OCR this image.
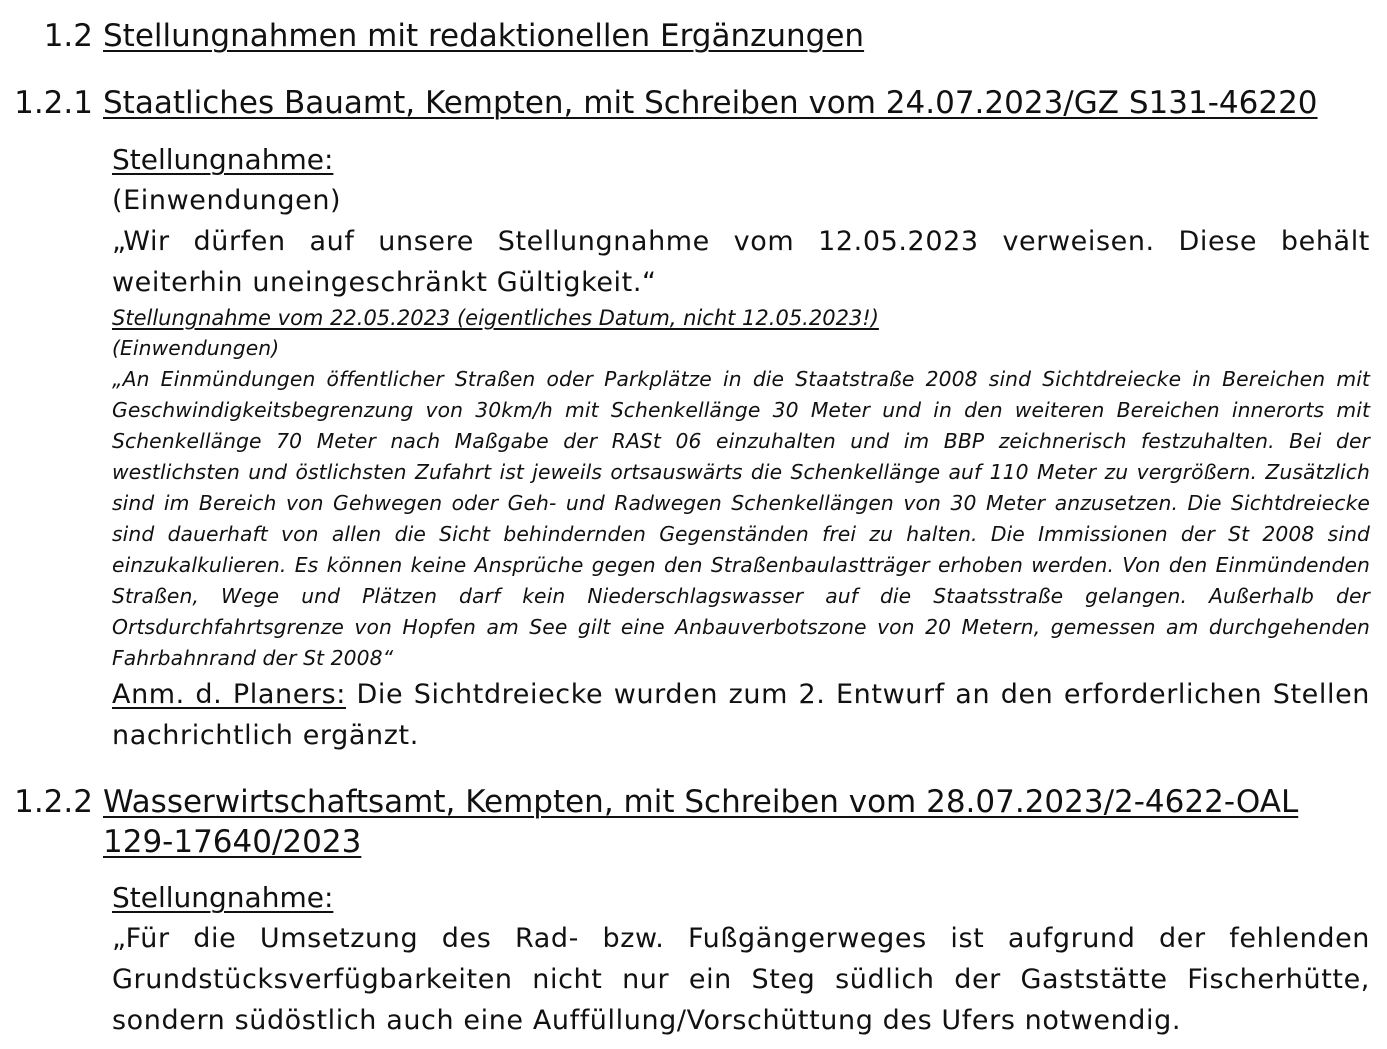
1.2 Stellungnahmen mit redaktionellen Ergänzungen
1.2.1 Staatliches Bauamt, Kempten, mit Schreiben vom 24.07.2023/GZ S131-46220
Stellungnahme:
(Einwendungen)
„Wir dürfen auf unsere Stellungnahme vom 12.05.2023 verweisen. Diese behält weiterhin uneingeschränkt Gültigkeit.“
Stellungnahme vom 22.05.2023 (eigentliches Datum, nicht 12.05.2023!)
(Einwendungen)
„An Einmündungen öffentlicher Straßen oder Parkplätze in die Staatstraße 2008 sind Sichtdreiecke in Bereichen mit Geschwindigkeitsbegrenzung von 30km/h mit Schenkellänge 30 Meter und in den weiteren Bereichen innerorts mit Schenkellänge 70 Meter nach Maßgabe der RASt 06 einzuhalten und im BBP zeichnerisch festzuhalten. Bei der westlichsten und östlichsten Zufahrt ist jeweils ortsauswärts die Schenkellänge auf 110 Meter zu vergrößern. Zusätzlich sind im Bereich von Gehwegen oder Geh- und Radwegen Schenkellängen von 30 Meter anzusetzen. Die Sichtdreiecke sind dauerhaft von allen die Sicht behindernden Gegenständen frei zu halten. Die Immissionen der St 2008 sind einzukalkulieren. Es können keine Ansprüche gegen den Straßenbaulastträger erhoben werden. Von den Einmündenden Straßen, Wege und Plätzen darf kein Niederschlagswasser auf die Staatsstraße gelangen. Außerhalb der Ortsdurchfahrtsgrenze von Hopfen am See gilt eine Anbauverbotszone von 20 Metern, gemessen am durchgehenden Fahrbahnrand der St 2008“
Anm. d. Planers: Die Sichtdreiecke wurden zum 2. Entwurf an den erforderlichen Stellen nachrichtlich ergänzt.
1.2.2 Wasserwirtschaftsamt, Kempten, mit Schreiben vom 28.07.2023/2-4622-OAL 129-17640/2023
Stellungnahme:
„Für die Umsetzung des Rad- bzw. Fußgängerweges ist aufgrund der fehlenden Grundstücksverfügbarkeiten nicht nur ein Steg südlich der Gaststätte Fischerhütte, sondern südöstlich auch eine Auffüllung/Vorschüttung des Ufers notwendig.
